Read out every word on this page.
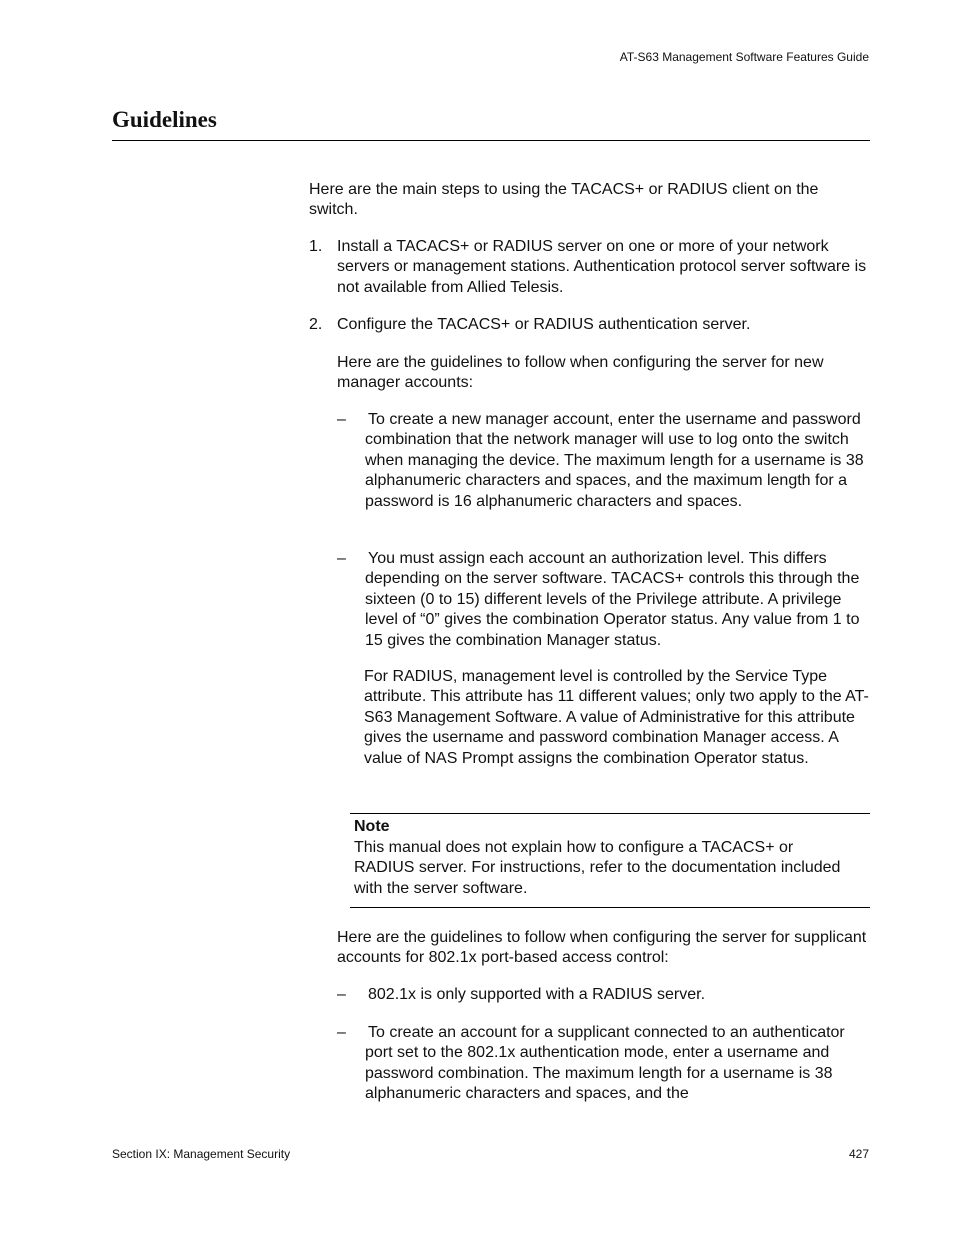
AT-S63 Management Software Features Guide
Guidelines

Here are the main steps to using the TACACS+ or RADIUS client on the switch.

1. Install a TACACS+ or RADIUS server on one or more of your network servers or management stations. Authentication protocol server software is not available from Allied Telesis.
2. Configure the TACACS+ or RADIUS authentication server.

Here are the guidelines to follow when configuring the server for new manager accounts:

– To create a new manager account, enter the username and password combination that the network manager will use to log onto the switch when managing the device. The maximum length for a username is 38 alphanumeric characters and spaces, and the maximum length for a password is 16 alphanumeric characters and spaces.
– You must assign each account an authorization level. This differs depending on the server software. TACACS+ controls this through the sixteen (0 to 15) different levels of the Privilege attribute. A privilege level of “0” gives the combination Operator status. Any value from 1 to 15 gives the combination Manager status.

For RADIUS, management level is controlled by the Service Type attribute. This attribute has 11 different values; only two apply to the AT-S63 Management Software. A value of Administrative for this attribute gives the username and password combination Manager access. A value of NAS Prompt assigns the combination Operator status.

Note

This manual does not explain how to configure a TACACS+ or RADIUS server. For instructions, refer to the documentation included with the server software.

Here are the guidelines to follow when configuring the server for supplicant accounts for 802.1x port-based access control:

– 802.1x is only supported with a RADIUS server.
– To create an account for a supplicant connected to an authenticator port set to the 802.1x authentication mode, enter a username and password combination. The maximum length for a username is 38 alphanumeric characters and spaces, and the
Section IX: Management Security	427
